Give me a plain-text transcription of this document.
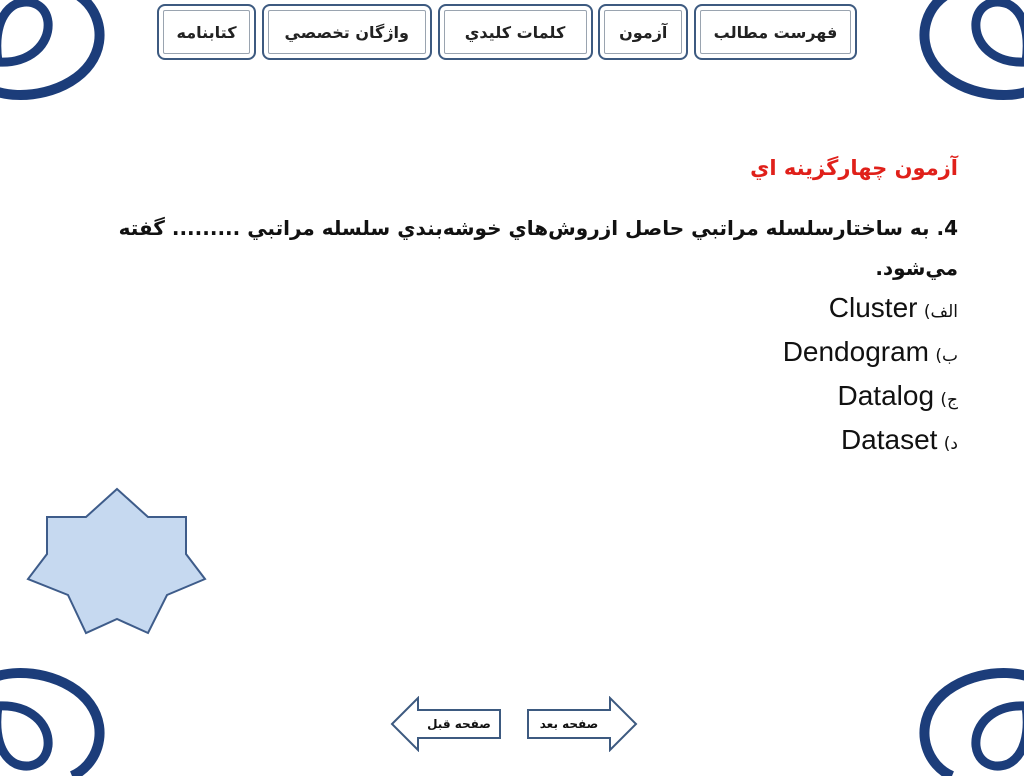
فهرست مطالب
آزمون
كلمات كليدي
واژگان تخصصي
كتابنامه
آزمون چهارگزينه اي

4. به ساختارسلسله مراتبي حاصل ازروش‌هاي خوشه‌بندي سلسله مراتبي ......... گفته مي‌شود.

الف) Cluster
ب) Dendogram
ج) Datalog
د) Dataset
صفحه قبل	صفحه بعد
